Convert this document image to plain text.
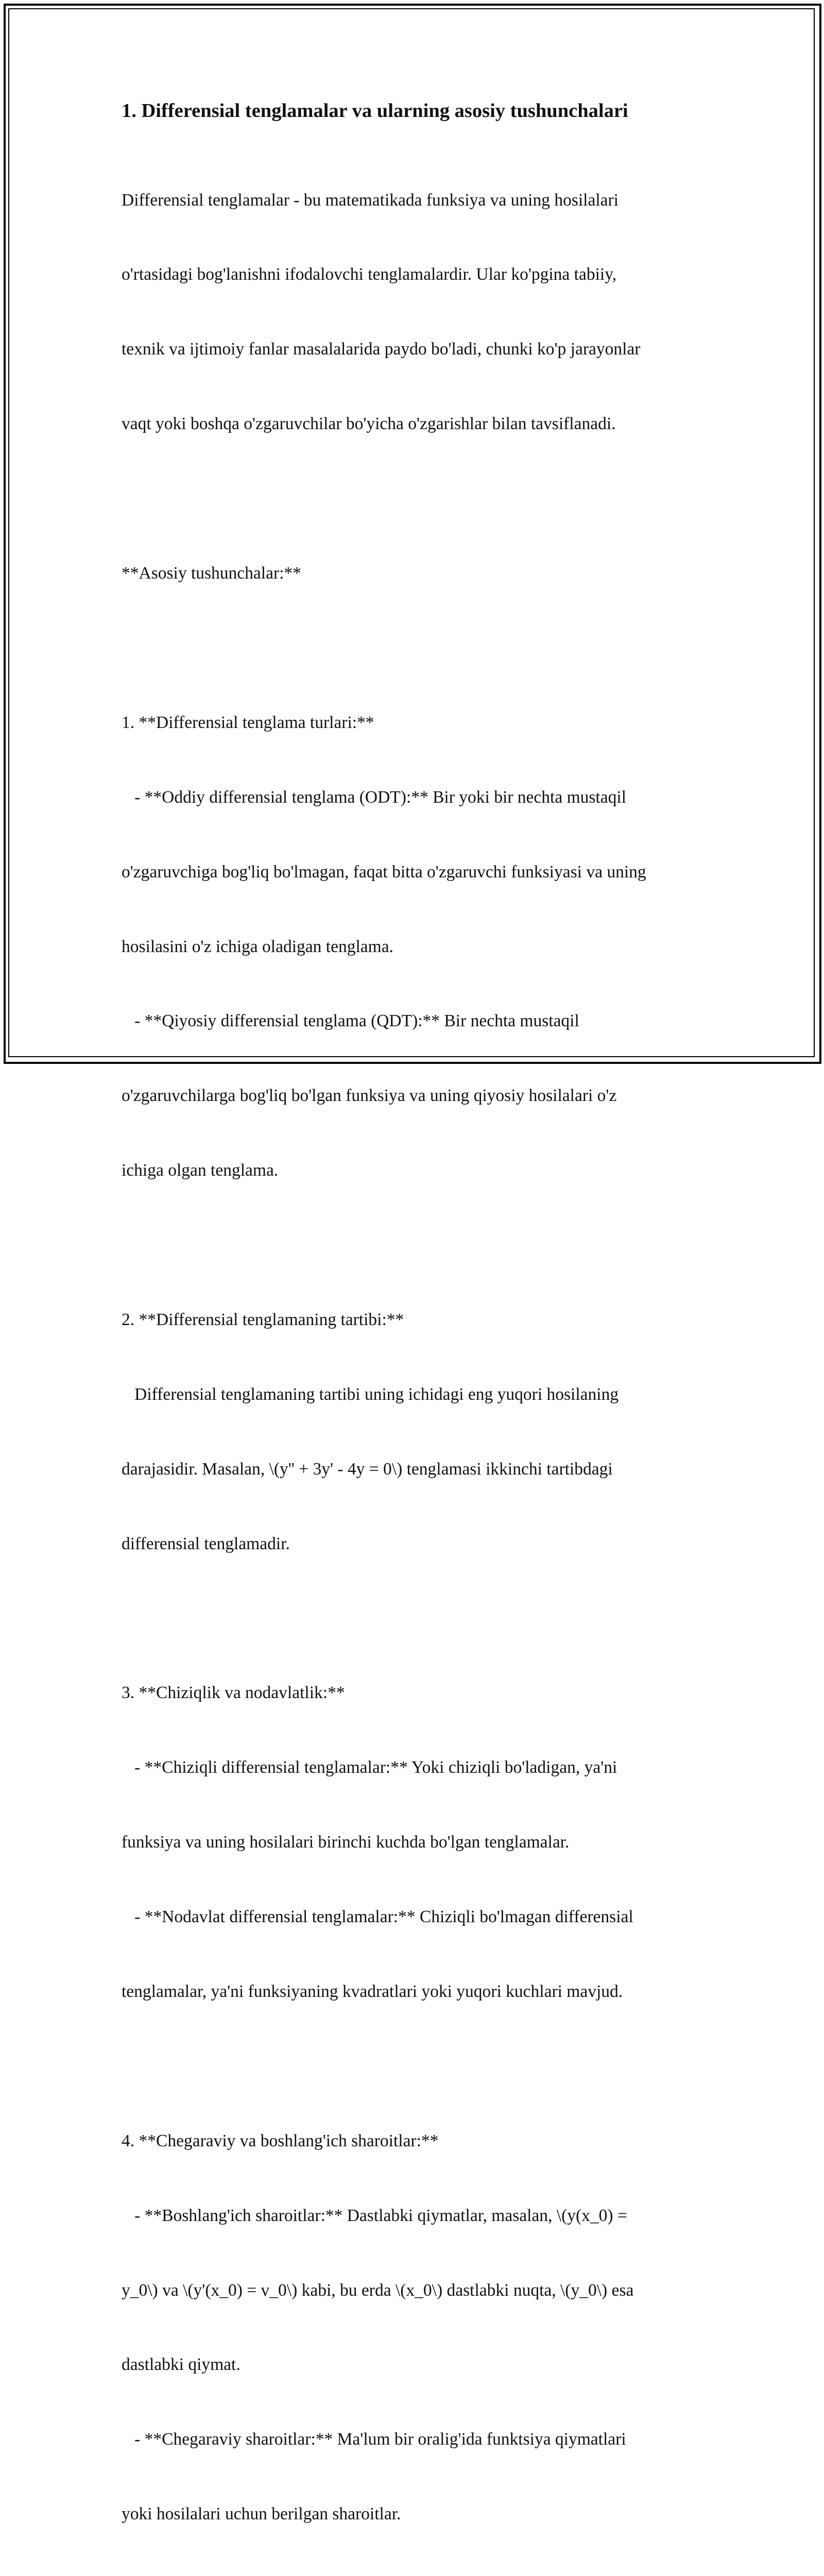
1. Differensial tenglamalar va ularning asosiy tushunchalari

Differensial tenglamalar - bu matematikada funksiya va uning hosilalari

o'rtasidagi bog'lanishni ifodalovchi tenglamalardir. Ular ko'pgina tabiiy,

texnik va ijtimoiy fanlar masalalarida paydo bo'ladi, chunki ko'p jarayonlar

vaqt yoki boshqa o'zgaruvchilar bo'yicha o'zgarishlar bilan tavsiflanadi.

**Asosiy tushunchalar:**

1. **Differensial tenglama turlari:**

- **Oddiy differensial tenglama (ODT):** Bir yoki bir nechta mustaqil

o'zgaruvchiga bog'liq bo'lmagan, faqat bitta o'zgaruvchi funksiyasi va uning

hosilasini o'z ichiga oladigan tenglama.

- **Qiyosiy differensial tenglama (QDT):** Bir nechta mustaqil

o'zgaruvchilarga bog'liq bo'lgan funksiya va uning qiyosiy hosilalari o'z

ichiga olgan tenglama.

2. **Differensial tenglamaning tartibi:**

Differensial tenglamaning tartibi uning ichidagi eng yuqori hosilaning

darajasidir. Masalan, \(y'' + 3y' - 4y = 0\) tenglamasi ikkinchi tartibdagi

differensial tenglamadir.

3. **Chiziqlik va nodavlatlik:**

- **Chiziqli differensial tenglamalar:** Yoki chiziqli bo'ladigan, ya'ni

funksiya va uning hosilalari birinchi kuchda bo'lgan tenglamalar.

- **Nodavlat differensial tenglamalar:** Chiziqli bo'lmagan differensial

tenglamalar, ya'ni funksiyaning kvadratlari yoki yuqori kuchlari mavjud.

4. **Chegaraviy va boshlang'ich sharoitlar:**

- **Boshlang'ich sharoitlar:** Dastlabki qiymatlar, masalan, \(y(x_0) =

y_0\) va \(y'(x_0) = v_0\) kabi, bu erda \(x_0\) dastlabki nuqta, \(y_0\) esa

dastlabki qiymat.

- **Chegaraviy sharoitlar:** Ma'lum bir oralig'ida funktsiya qiymatlari

yoki hosilalari uchun berilgan sharoitlar.
